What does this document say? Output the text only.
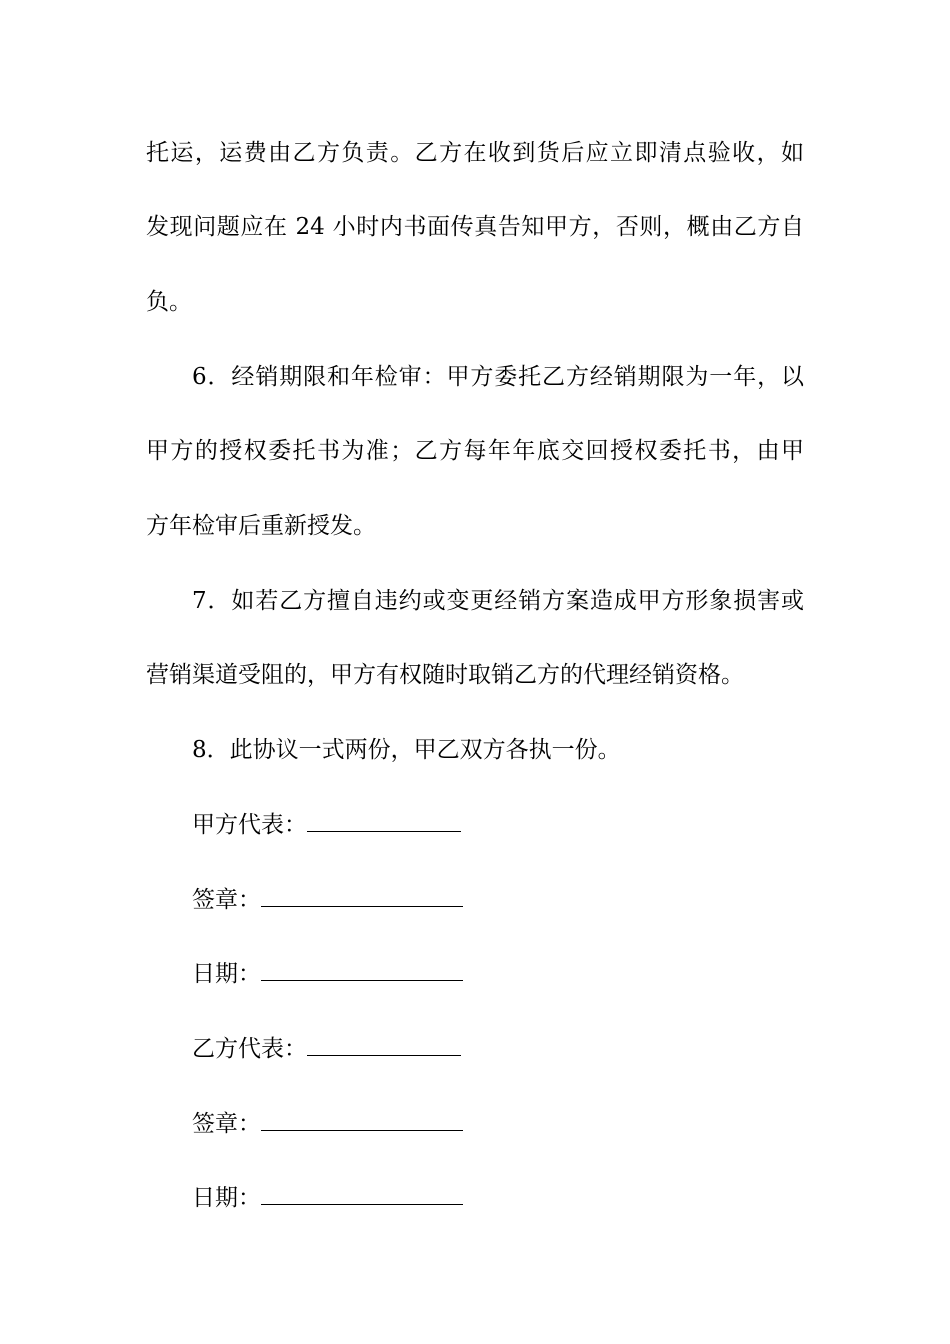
托运，运费由乙方负责。乙方在收到货后应立即清点验收，如
发现问题应在 24 小时内书面传真告知甲方，否则，概由乙方自
负。
6．经销期限和年检审：甲方委托乙方经销期限为一年，以
甲方的授权委托书为准；乙方每年年底交回授权委托书，由甲
方年检审后重新授发。
7．如若乙方擅自违约或变更经销方案造成甲方形象损害或
营销渠道受阻的，甲方有权随时取销乙方的代理经销资格。
8．此协议一式两份，甲乙双方各执一份。
甲方代表：
签章：
日期：
乙方代表：
签章：
日期：
